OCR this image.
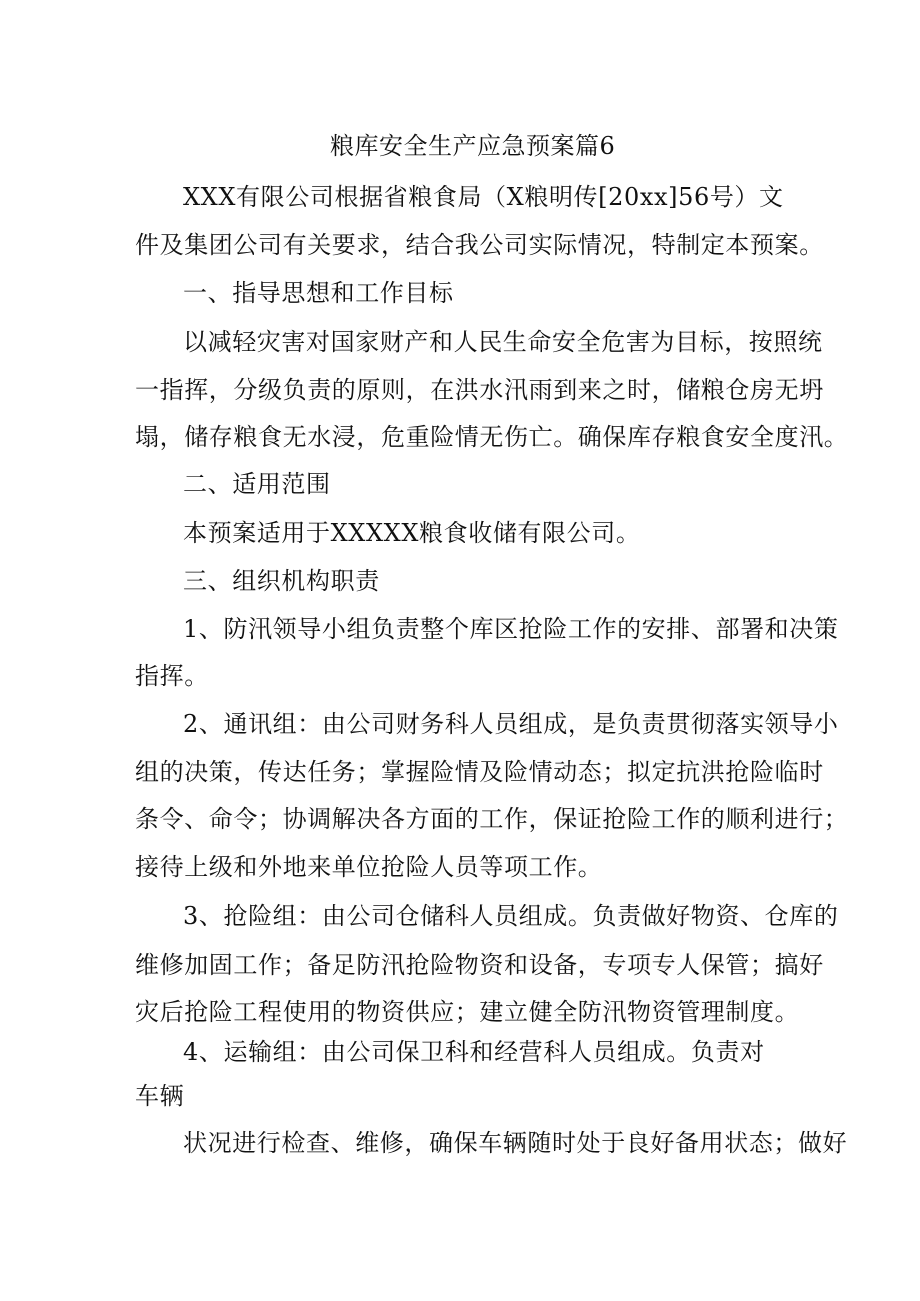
粮库安全生产应急预案篇6
XXX有限公司根据省粮食局（X粮明传[20xx]56号）文
件及集团公司有关要求，结合我公司实际情况，特制定本预案。
一、指导思想和工作目标
以减轻灾害对国家财产和人民生命安全危害为目标，按照统
一指挥，分级负责的原则，在洪水汛雨到来之时，储粮仓房无坍
塌，储存粮食无水浸，危重险情无伤亡。确保库存粮食安全度汛。
二、适用范围
本预案适用于XXXXX粮食收储有限公司。
三、组织机构职责
1、防汛领导小组负责整个库区抢险工作的安排、部署和决策
指挥。
2、通讯组：由公司财务科人员组成，是负责贯彻落实领导小
组的决策，传达任务；掌握险情及险情动态；拟定抗洪抢险临时
条令、命令；协调解决各方面的工作，保证抢险工作的顺利进行；
接待上级和外地来单位抢险人员等项工作。
3、抢险组：由公司仓储科人员组成。负责做好物资、仓库的
维修加固工作；备足防汛抢险物资和设备，专项专人保管；搞好
灾后抢险工程使用的物资供应；建立健全防汛物资管理制度。
4、运输组：由公司保卫科和经营科人员组成。负责对
车辆
状况进行检查、维修，确保车辆随时处于良好备用状态；做好
